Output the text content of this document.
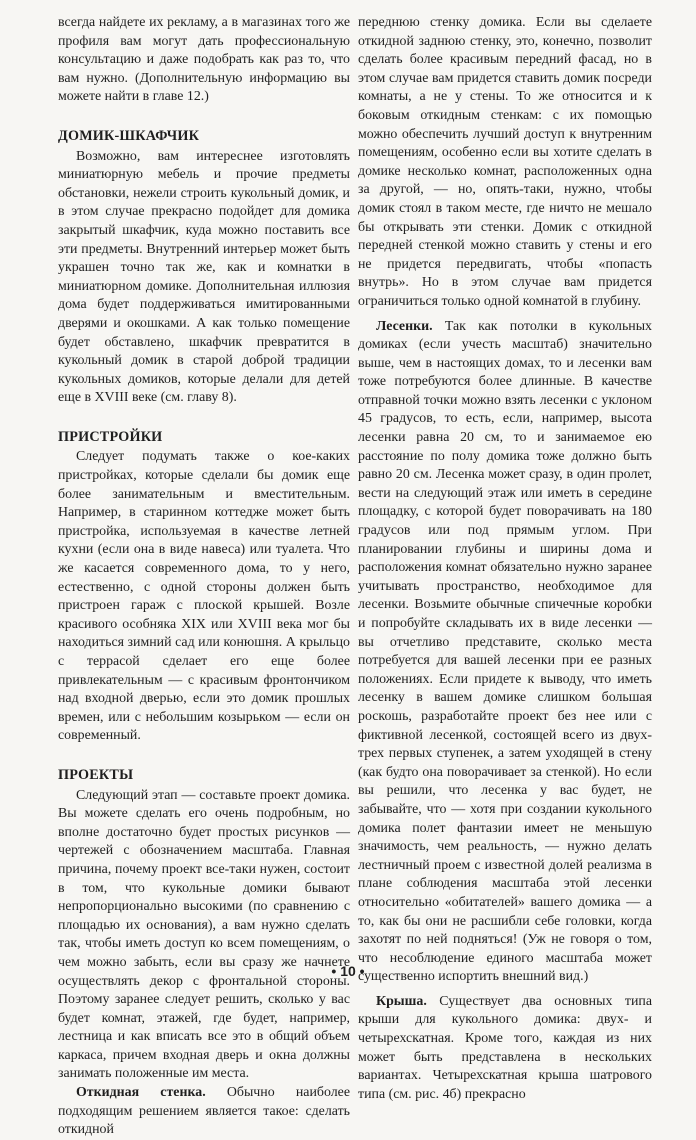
всегда найдете их рекламу, а в магазинах того же профиля вам могут дать профессиональную консультацию и даже подобрать как раз то, что вам нужно. (Дополнительную информацию вы можете найти в главе 12.)

ДОМИК-ШКАФЧИК

Возможно, вам интереснее изготовлять миниатюрную мебель и прочие предметы обстановки, нежели строить кукольный домик, и в этом случае прекрасно подойдет для домика закрытый шкафчик, куда можно поставить все эти предметы. Внутренний интерьер может быть украшен точно так же, как и комнатки в миниатюрном домике. Дополнительная иллюзия дома будет поддерживаться имитированными дверями и окошками. А как только помещение будет обставлено, шкафчик превратится в кукольный домик в старой доброй традиции кукольных домиков, которые делали для детей еще в XVIII веке (см. главу 8).

ПРИСТРОЙКИ

Следует подумать также о кое-каких пристройках, которые сделали бы домик еще более занимательным и вместительным. Например, в старинном коттедже может быть пристройка, используемая в качестве летней кухни (если она в виде навеса) или туалета. Что же касается современного дома, то у него, естественно, с одной стороны должен быть пристроен гараж с плоской крышей. Возле красивого особняка XIX или XVIII века мог бы находиться зимний сад или конюшня. А крыльцо с террасой сделает его еще более привлекательным — с красивым фронтончиком над входной дверью, если это домик прошлых времен, или с небольшим козырьком — если он современный.

ПРОЕКТЫ

Следующий этап — составьте проект домика. Вы можете сделать его очень подробным, но вполне достаточно будет простых рисунков — чертежей с обозначением масштаба. Главная причина, почему проект все-таки нужен, состоит в том, что кукольные домики бывают непропорционально высокими (по сравнению с площадью их основания), а вам нужно сделать так, чтобы иметь доступ ко всем помещениям, о чем можно забыть, если вы сразу же начнете осуществлять декор с фронтальной стороны. Поэтому заранее следует решить, сколько у вас будет комнат, этажей, где будет, например, лестница и как вписать все это в общий объем каркаса, причем входная дверь и окна должны занимать положенные им места.

Откидная стенка. Обычно наиболее подходящим решением является такое: сделать откидной

переднюю стенку домика. Если вы сделаете откидной заднюю стенку, это, конечно, позволит сделать более красивым передний фасад, но в этом случае вам придется ставить домик посреди комнаты, а не у стены. То же относится и к боковым откидным стенкам: с их помощью можно обеспечить лучший доступ к внутренним помещениям, особенно если вы хотите сделать в домике несколько комнат, расположенных одна за другой, — но, опять-таки, нужно, чтобы домик стоял в таком месте, где ничто не мешало бы открывать эти стенки. Домик с откидной передней стенкой можно ставить у стены и его не придется передвигать, чтобы «попасть внутрь». Но в этом случае вам придется ограничиться только одной комнатой в глубину.

Лесенки. Так как потолки в кукольных домиках (если учесть масштаб) значительно выше, чем в настоящих домах, то и лесенки вам тоже потребуются более длинные. В качестве отправной точки можно взять лесенки с уклоном 45 градусов, то есть, если, например, высота лесенки равна 20 см, то и занимаемое ею расстояние по полу домика тоже должно быть равно 20 см. Лесенка может сразу, в один пролет, вести на следующий этаж или иметь в середине площадку, с которой будет поворачивать на 180 градусов или под прямым углом. При планировании глубины и ширины дома и расположения комнат обязательно нужно заранее учитывать пространство, необходимое для лесенки. Возьмите обычные спичечные коробки и попробуйте складывать их в виде лесенки — вы отчетливо представите, сколько места потребуется для вашей лесенки при ее разных положениях. Если придете к выводу, что иметь лесенку в вашем домике слишком большая роскошь, разработайте проект без нее или с фиктивной лесенкой, состоящей всего из двух-трех первых ступенек, а затем уходящей в стену (как будто она поворачивает за стенкой). Но если вы решили, что лесенка у вас будет, не забывайте, что — хотя при создании кукольного домика полет фантазии имеет не меньшую значимость, чем реальность, — нужно делать лестничный проем с известной долей реализма в плане соблюдения масштаба этой лесенки относительно «обитателей» вашего домика — а то, как бы они не расшибли себе головки, когда захотят по ней подняться! (Уж не говоря о том, что несоблюдение единого масштаба может существенно испортить внешний вид.)

Крыша. Существует два основных типа крыши для кукольного домика: двух- и четырехскатная. Кроме того, каждая из них может быть представлена в нескольких вариантах. Четырехскатная крыша шатрового типа (см. рис. 4б) прекрасно

• 10 •
